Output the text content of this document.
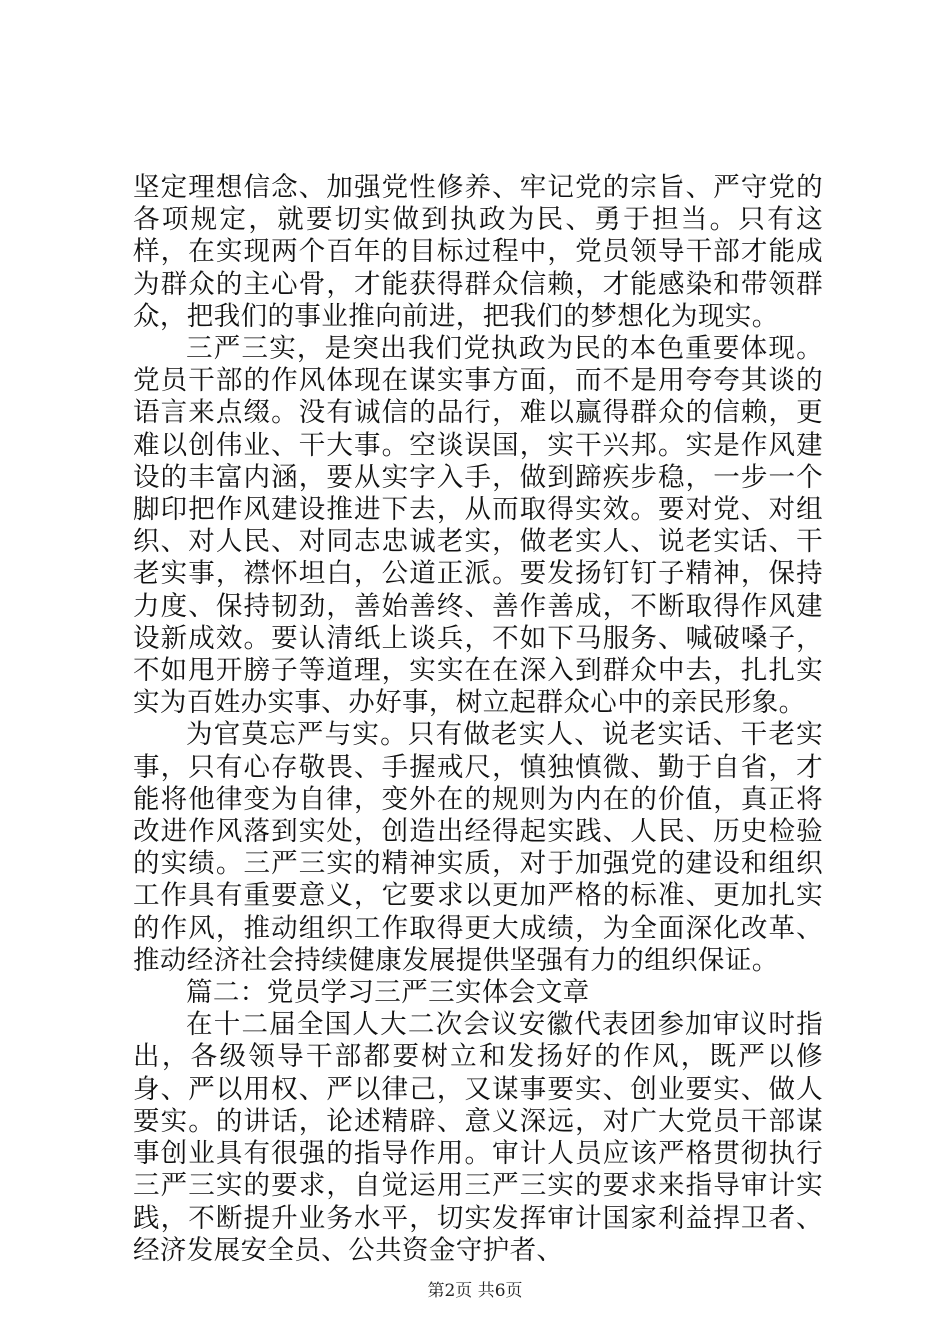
坚定理想信念、加强党性修养、牢记党的宗旨、严守党的各项规定，就要切实做到执政为民、勇于担当。只有这样，在实现两个百年的目标过程中，党员领导干部才能成为群众的主心骨，才能获得群众信赖，才能感染和带领群众，把我们的事业推向前进，把我们的梦想化为现实。

三严三实，是突出我们党执政为民的本色重要体现。党员干部的作风体现在谋实事方面，而不是用夸夸其谈的语言来点缀。没有诚信的品行，难以赢得群众的信赖，更难以创伟业、干大事。空谈误国，实干兴邦。实是作风建设的丰富内涵，要从实字入手，做到蹄疾步稳，一步一个脚印把作风建设推进下去，从而取得实效。要对党、对组织、对人民、对同志忠诚老实，做老实人、说老实话、干老实事，襟怀坦白，公道正派。要发扬钉钉子精神，保持力度、保持韧劲，善始善终、善作善成，不断取得作风建设新成效。要认清纸上谈兵，不如下马服务、喊破嗓子，不如甩开膀子等道理，实实在在深入到群众中去，扎扎实实为百姓办实事、办好事，树立起群众心中的亲民形象。

为官莫忘严与实。只有做老实人、说老实话、干老实事，只有心存敬畏、手握戒尺，慎独慎微、勤于自省，才能将他律变为自律，变外在的规则为内在的价值，真正将改进作风落到实处，创造出经得起实践、人民、历史检验的实绩。三严三实的精神实质，对于加强党的建设和组织工作具有重要意义，它要求以更加严格的标准、更加扎实的作风，推动组织工作取得更大成绩，为全面深化改革、推动经济社会持续健康发展提供坚强有力的组织保证。

篇二：党员学习三严三实体会文章

在十二届全国人大二次会议安徽代表团参加审议时指出，各级领导干部都要树立和发扬好的作风，既严以修身、严以用权、严以律己，又谋事要实、创业要实、做人要实。的讲话，论述精辟、意义深远，对广大党员干部谋事创业具有很强的指导作用。审计人员应该严格贯彻执行三严三实的要求，自觉运用三严三实的要求来指导审计实践，不断提升业务水平，切实发挥审计国家利益捍卫者、经济发展安全员、公共资金守护者、

第2页 共6页
